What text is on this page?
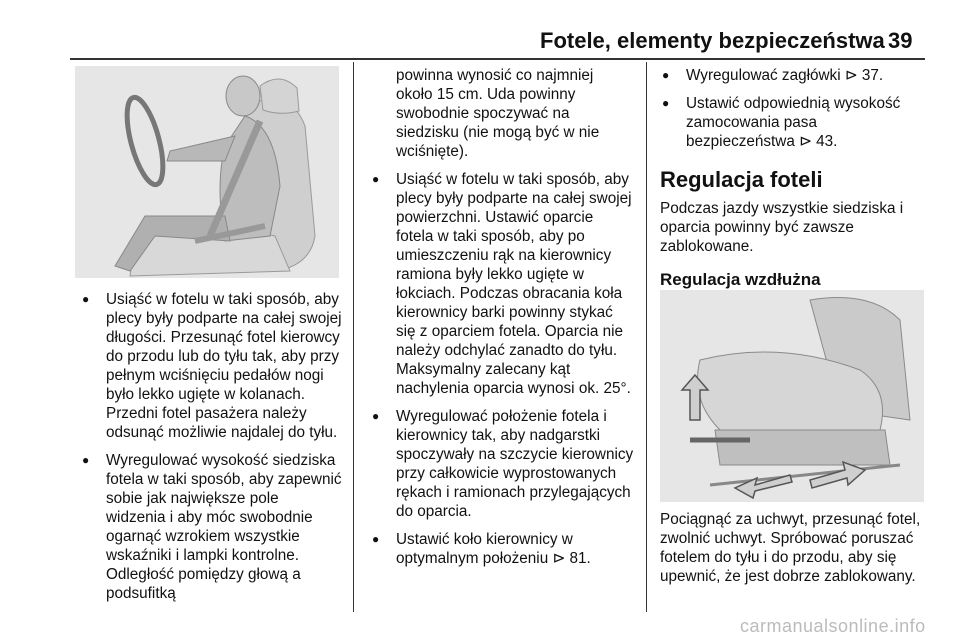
Fotele, elementy bezpieczeństwa 39
● Usiąść w fotelu w taki sposób, aby plecy były podparte na całej swojej długości. Przesunąć fotel kierowcy do przodu lub do tyłu tak, aby przy pełnym wciśnięciu pedałów nogi było lekko ugięte w kolanach. Przedni fotel pasażera należy odsunąć możliwie najdalej do tyłu.
● Wyregulować wysokość siedziska fotela w taki sposób, aby zapewnić sobie jak największe pole widzenia i aby móc swobodnie ogarnąć wzrokiem wszystkie wskaźniki i lampki kontrolne. Odległość pomiędzy głową a podsufitką

powinna wynosić co najmniej około 15 cm. Uda powinny swobodnie spoczywać na siedzisku (nie mogą być w nie wciśnięte).

● Usiąść w fotelu w taki sposób, aby plecy były podparte na całej swojej powierzchni. Ustawić oparcie fotela w taki sposób, aby po umieszczeniu rąk na kierownicy ramiona były lekko ugięte w łokciach. Podczas obracania koła kierownicy barki powinny stykać się z oparciem fotela. Oparcia nie należy odchylać zanadto do tyłu. Maksymalny zalecany kąt nachylenia oparcia wynosi ok. 25°.
● Wyregulować położenie fotela i kierownicy tak, aby nadgarstki spoczywały na szczycie kierownicy przy całkowicie wyprostowanych rękach i ramionach przylegających do oparcia.
● Ustawić koło kierownicy w optymalnym położeniu ⊳ 81.
● Wyregulować zagłówki ⊳ 37.
● Ustawić odpowiednią wysokość zamocowania pasa bezpieczeństwa ⊳ 43.
Regulacja foteli

Podczas jazdy wszystkie siedziska i oparcia powinny być zawsze zablokowane.

Regulacja wzdłużna

Pociągnąć za uchwyt, przesunąć fotel, zwolnić uchwyt. Spróbować poruszać fotelem do tyłu i do przodu, aby się upewnić, że jest dobrze zablokowany.

carmanualsonline.info
